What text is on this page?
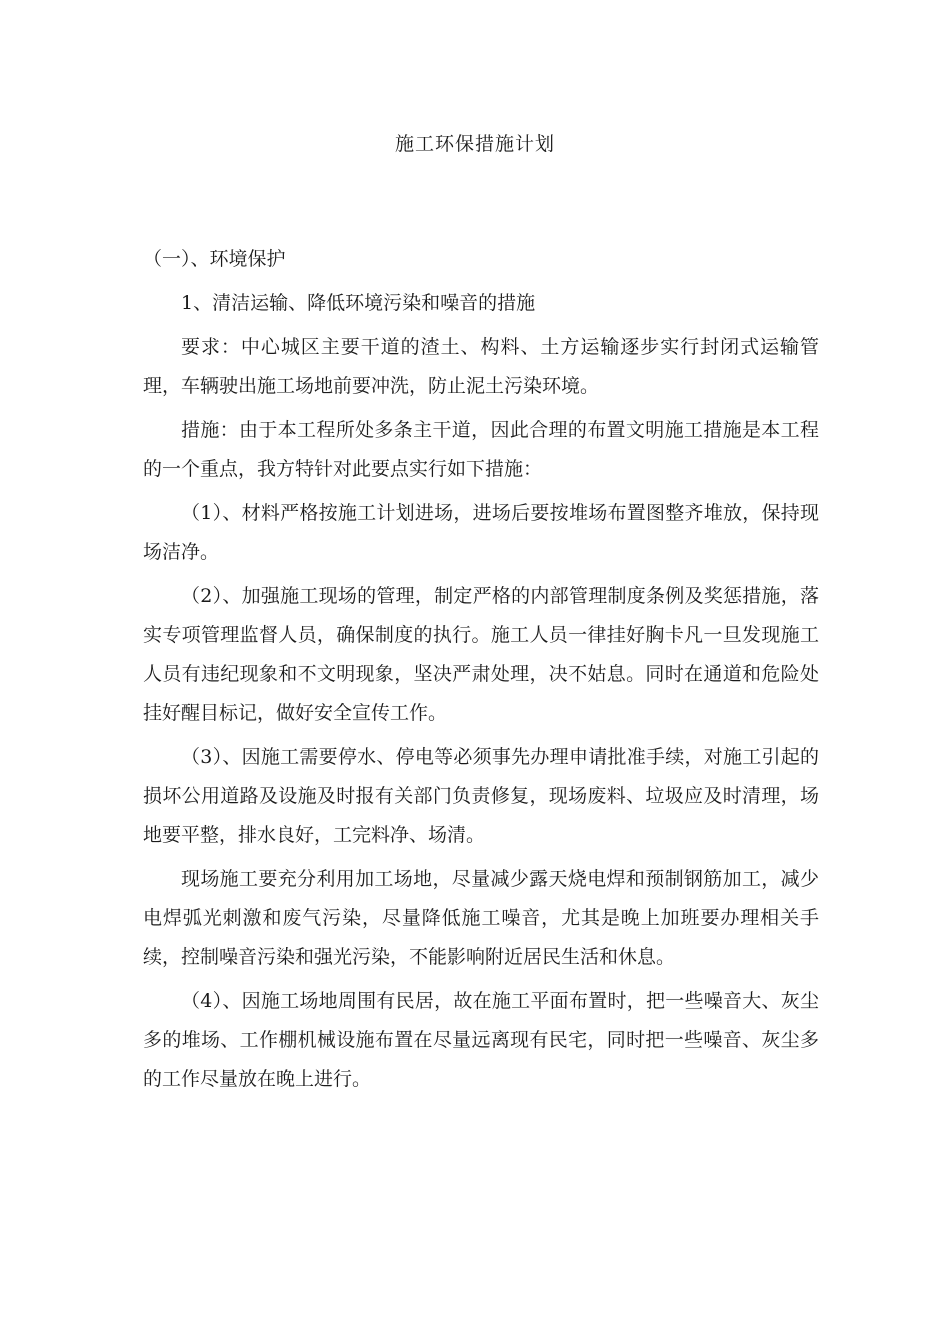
施工环保措施计划

（一）、环境保护

1、清洁运输、降低环境污染和噪音的措施

要求：中心城区主要干道的渣土、构料、土方运输逐步实行封闭式运输管理，车辆驶出施工场地前要冲洗，防止泥土污染环境。

措施：由于本工程所处多条主干道，因此合理的布置文明施工措施是本工程的一个重点，我方特针对此要点实行如下措施：

（1）、材料严格按施工计划进场，进场后要按堆场布置图整齐堆放，保持现场洁净。

（2）、加强施工现场的管理，制定严格的内部管理制度条例及奖惩措施，落实专项管理监督人员，确保制度的执行。施工人员一律挂好胸卡凡一旦发现施工人员有违纪现象和不文明现象，坚决严肃处理，决不姑息。同时在通道和危险处挂好醒目标记，做好安全宣传工作。

（3）、因施工需要停水、停电等必须事先办理申请批准手续，对施工引起的损坏公用道路及设施及时报有关部门负责修复，现场废料、垃圾应及时清理，场地要平整，排水良好，工完料净、场清。

现场施工要充分利用加工场地，尽量减少露天烧电焊和预制钢筋加工，减少电焊弧光刺激和废气污染，尽量降低施工噪音，尤其是晚上加班要办理相关手续，控制噪音污染和强光污染，不能影响附近居民生活和休息。

（4）、因施工场地周围有民居，故在施工平面布置时，把一些噪音大、灰尘多的堆场、工作棚机械设施布置在尽量远离现有民宅，同时把一些噪音、灰尘多的工作尽量放在晚上进行。
